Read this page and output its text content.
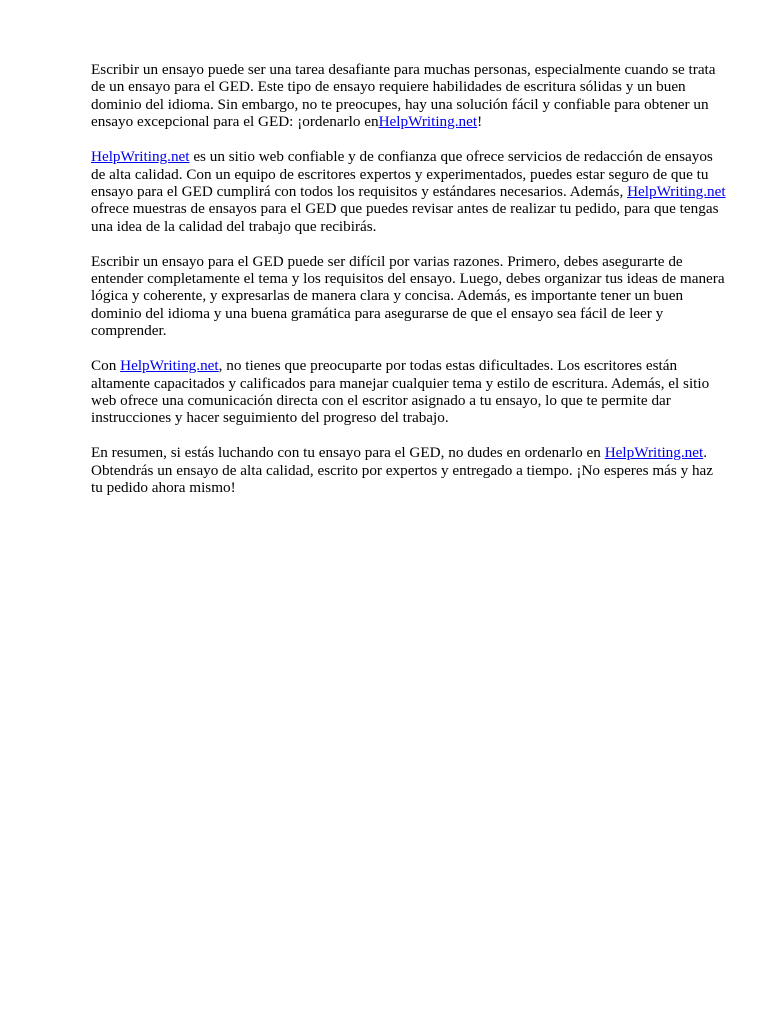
Escribir un ensayo puede ser una tarea desafiante para muchas personas, especialmente cuando se trata de un ensayo para el GED. Este tipo de ensayo requiere habilidades de escritura sólidas y un buen dominio del idioma. Sin embargo, no te preocupes, hay una solución fácil y confiable para obtener un ensayo excepcional para el GED: ¡ordenarlo enHelpWriting.net!

HelpWriting.net es un sitio web confiable y de confianza que ofrece servicios de redacción de ensayos de alta calidad. Con un equipo de escritores expertos y experimentados, puedes estar seguro de que tu ensayo para el GED cumplirá con todos los requisitos y estándares necesarios. Además, HelpWriting.net ofrece muestras de ensayos para el GED que puedes revisar antes de realizar tu pedido, para que tengas una idea de la calidad del trabajo que recibirás.

Escribir un ensayo para el GED puede ser difícil por varias razones. Primero, debes asegurarte de entender completamente el tema y los requisitos del ensayo. Luego, debes organizar tus ideas de manera lógica y coherente, y expresarlas de manera clara y concisa. Además, es importante tener un buen dominio del idioma y una buena gramática para asegurarse de que el ensayo sea fácil de leer y comprender.

Con HelpWriting.net, no tienes que preocuparte por todas estas dificultades. Los escritores están altamente capacitados y calificados para manejar cualquier tema y estilo de escritura. Además, el sitio web ofrece una comunicación directa con el escritor asignado a tu ensayo, lo que te permite dar instrucciones y hacer seguimiento del progreso del trabajo.

En resumen, si estás luchando con tu ensayo para el GED, no dudes en ordenarlo en HelpWriting.net. Obtendrás un ensayo de alta calidad, escrito por expertos y entregado a tiempo. ¡No esperes más y haz tu pedido ahora mismo!
